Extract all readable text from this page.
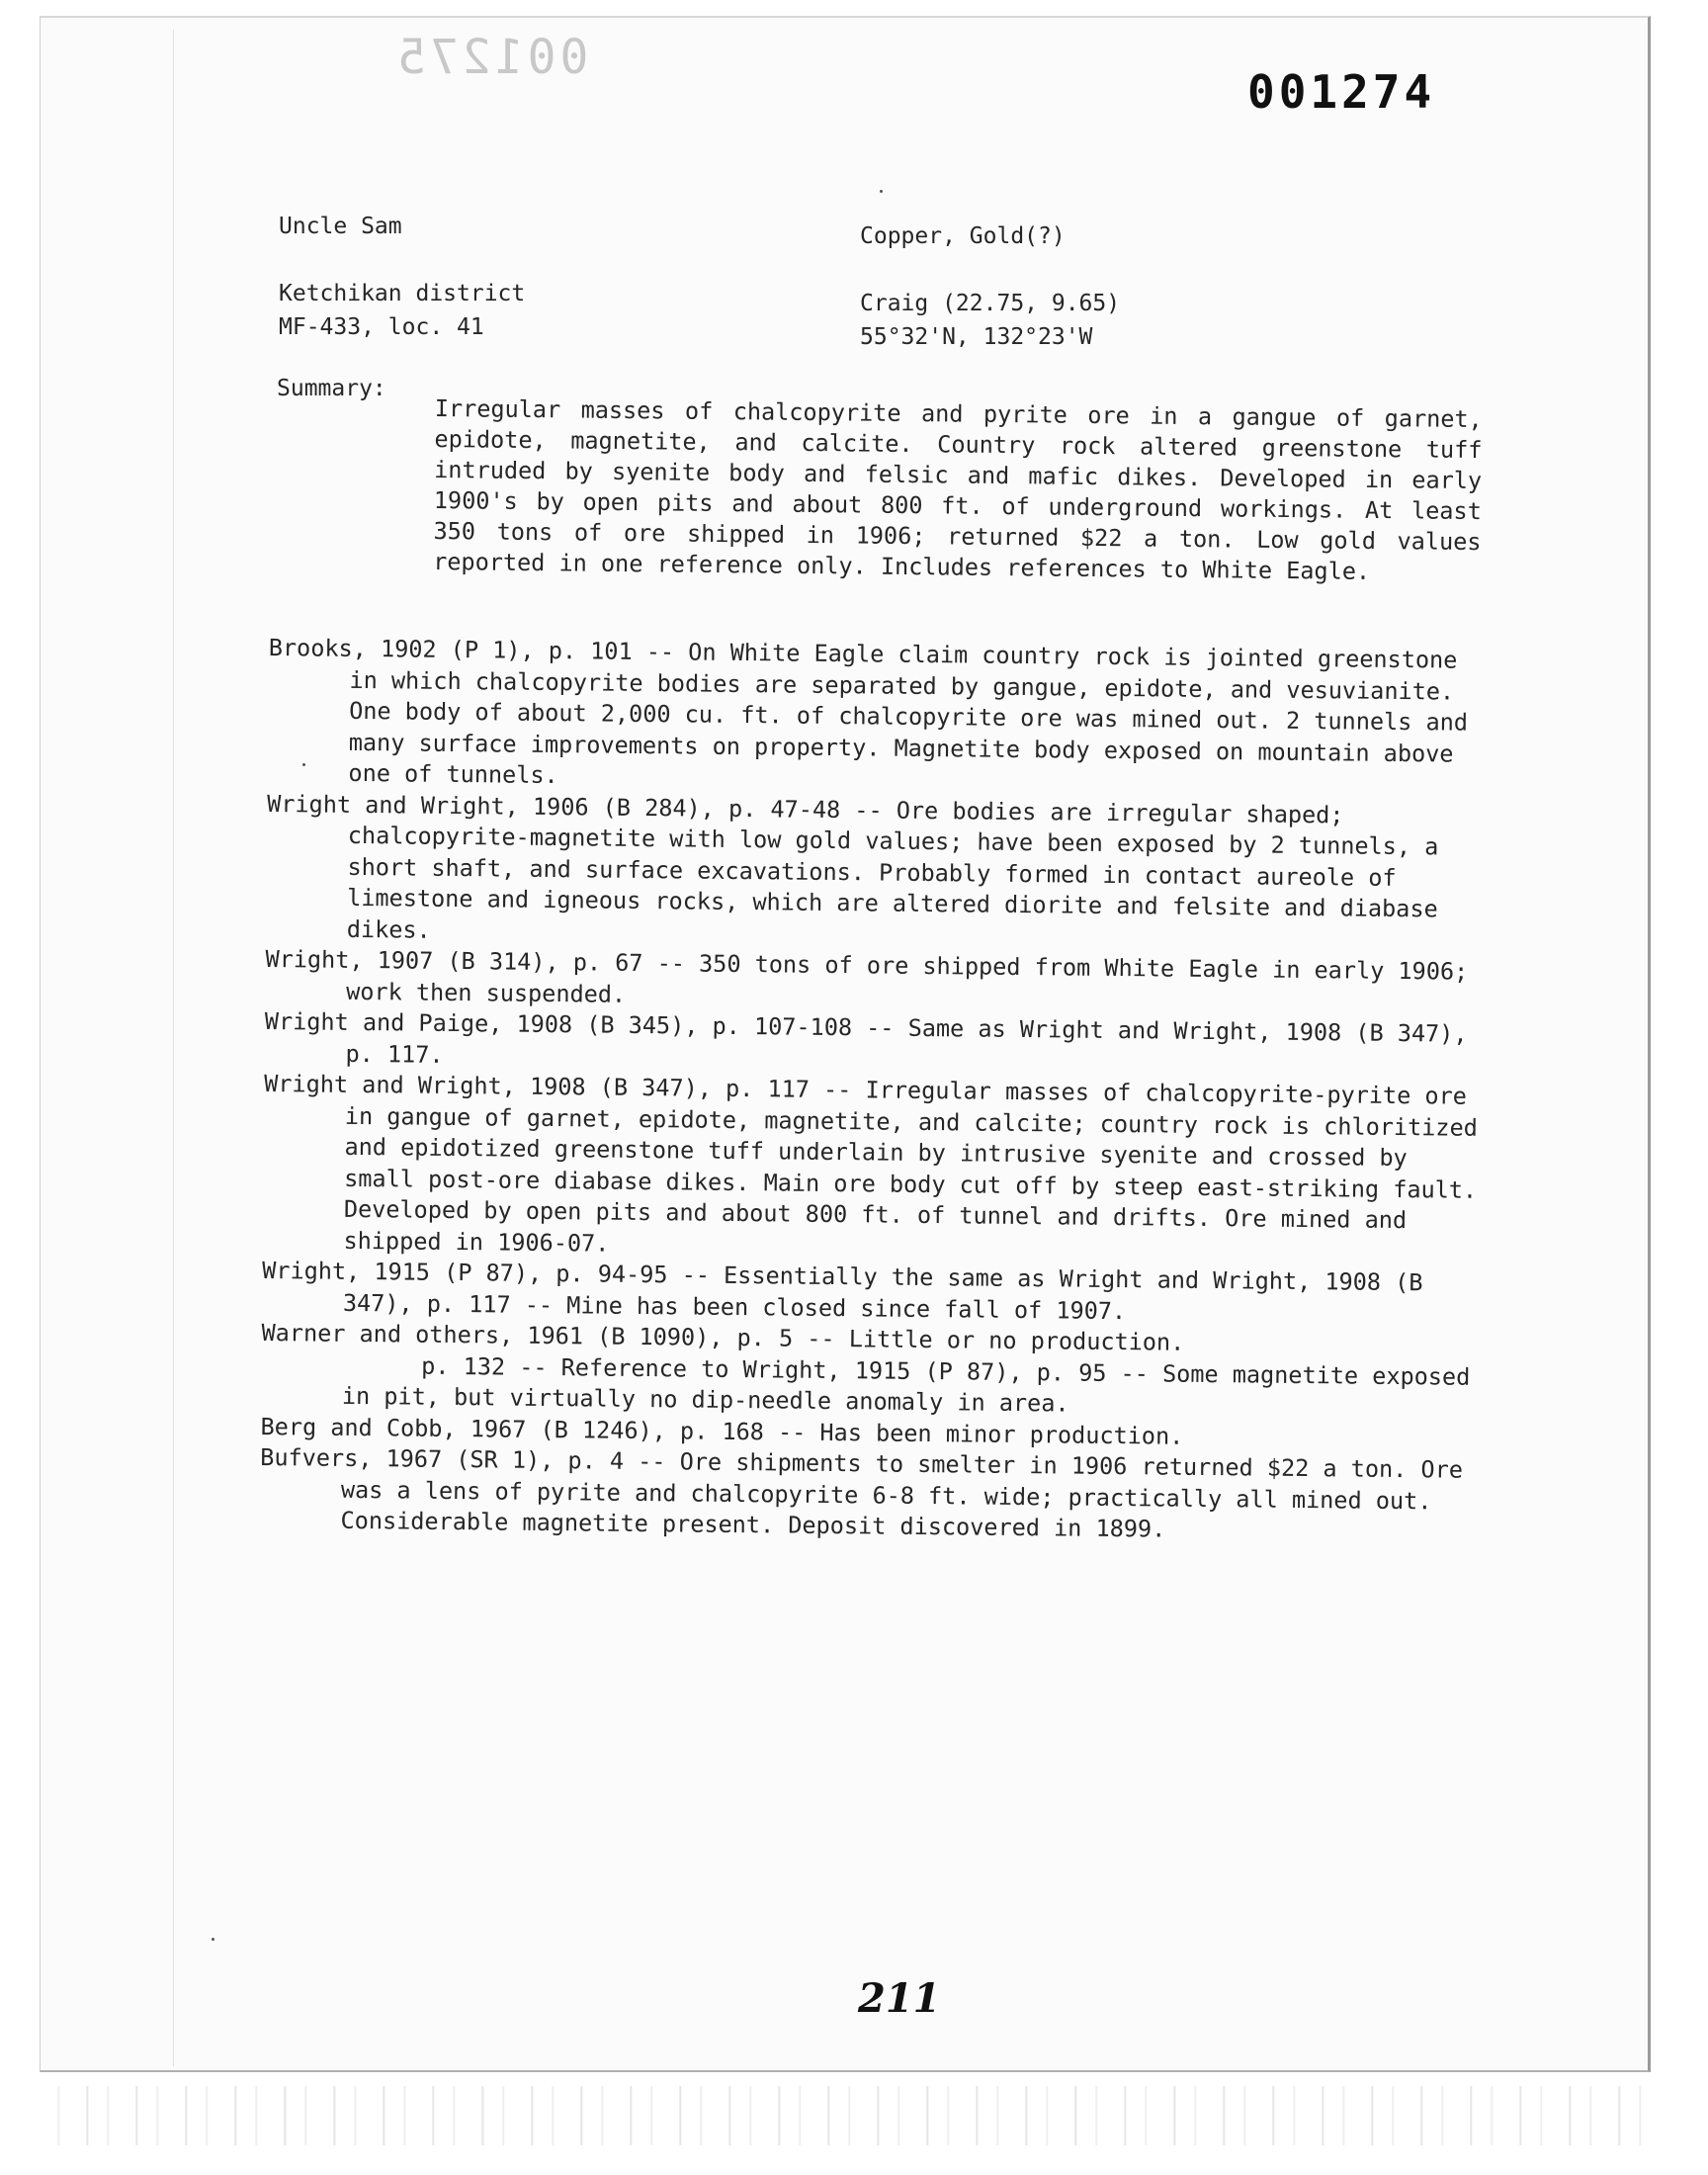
001275
001274
Uncle Sam	Copper, Gold(?)
Ketchikan district
MF-433, loc. 41
Craig (22.75, 9.65)
55°32'N, 132°23'W
Summary:
Irregular masses of chalcopyrite and pyrite ore in a gangue of garnet, epidote, magnetite, and calcite. Country rock altered greenstone tuff intruded by syenite body and felsic and mafic dikes. Developed in early 1900's by open pits and about 800 ft. of underground workings. At least 350 tons of ore shipped in 1906; returned $22 a ton. Low gold values reported in one reference only. Includes references to White Eagle.

Brooks, 1902 (P 1), p. 101 -- On White Eagle claim country rock is jointed greenstone in which chalcopyrite bodies are separated by gangue, epidote, and vesuvianite. One body of about 2,000 cu. ft. of chalcopyrite ore was mined out. 2 tunnels and many surface improvements on property. Magnetite body exposed on mountain above one of tunnels.

Wright and Wright, 1906 (B 284), p. 47-48 -- Ore bodies are irregular shaped; chalcopyrite-magnetite with low gold values; have been exposed by 2 tunnels, a short shaft, and surface excavations. Probably formed in contact aureole of limestone and igneous rocks, which are altered diorite and felsite and diabase dikes.

Wright, 1907 (B 314), p. 67 -- 350 tons of ore shipped from White Eagle in early 1906; work then suspended.

Wright and Paige, 1908 (B 345), p. 107-108 -- Same as Wright and Wright, 1908 (B 347), p. 117.

Wright and Wright, 1908 (B 347), p. 117 -- Irregular masses of chalcopyrite-pyrite ore in gangue of garnet, epidote, magnetite, and calcite; country rock is chloritized and epidotized greenstone tuff underlain by intrusive syenite and crossed by small post-ore diabase dikes. Main ore body cut off by steep east-striking fault. Developed by open pits and about 800 ft. of tunnel and drifts. Ore mined and shipped in 1906-07.

Wright, 1915 (P 87), p. 94-95 -- Essentially the same as Wright and Wright, 1908 (B 347), p. 117 -- Mine has been closed since fall of 1907.

Warner and others, 1961 (B 1090), p. 5 -- Little or no production.

p. 132 -- Reference to Wright, 1915 (P 87), p. 95 -- Some magnetite exposed in pit, but virtually no dip-needle anomaly in area.

Berg and Cobb, 1967 (B 1246), p. 168 -- Has been minor production.

Bufvers, 1967 (SR 1), p. 4 -- Ore shipments to smelter in 1906 returned $22 a ton. Ore was a lens of pyrite and chalcopyrite 6-8 ft. wide; practically all mined out. Considerable magnetite present. Deposit discovered in 1899.

211
